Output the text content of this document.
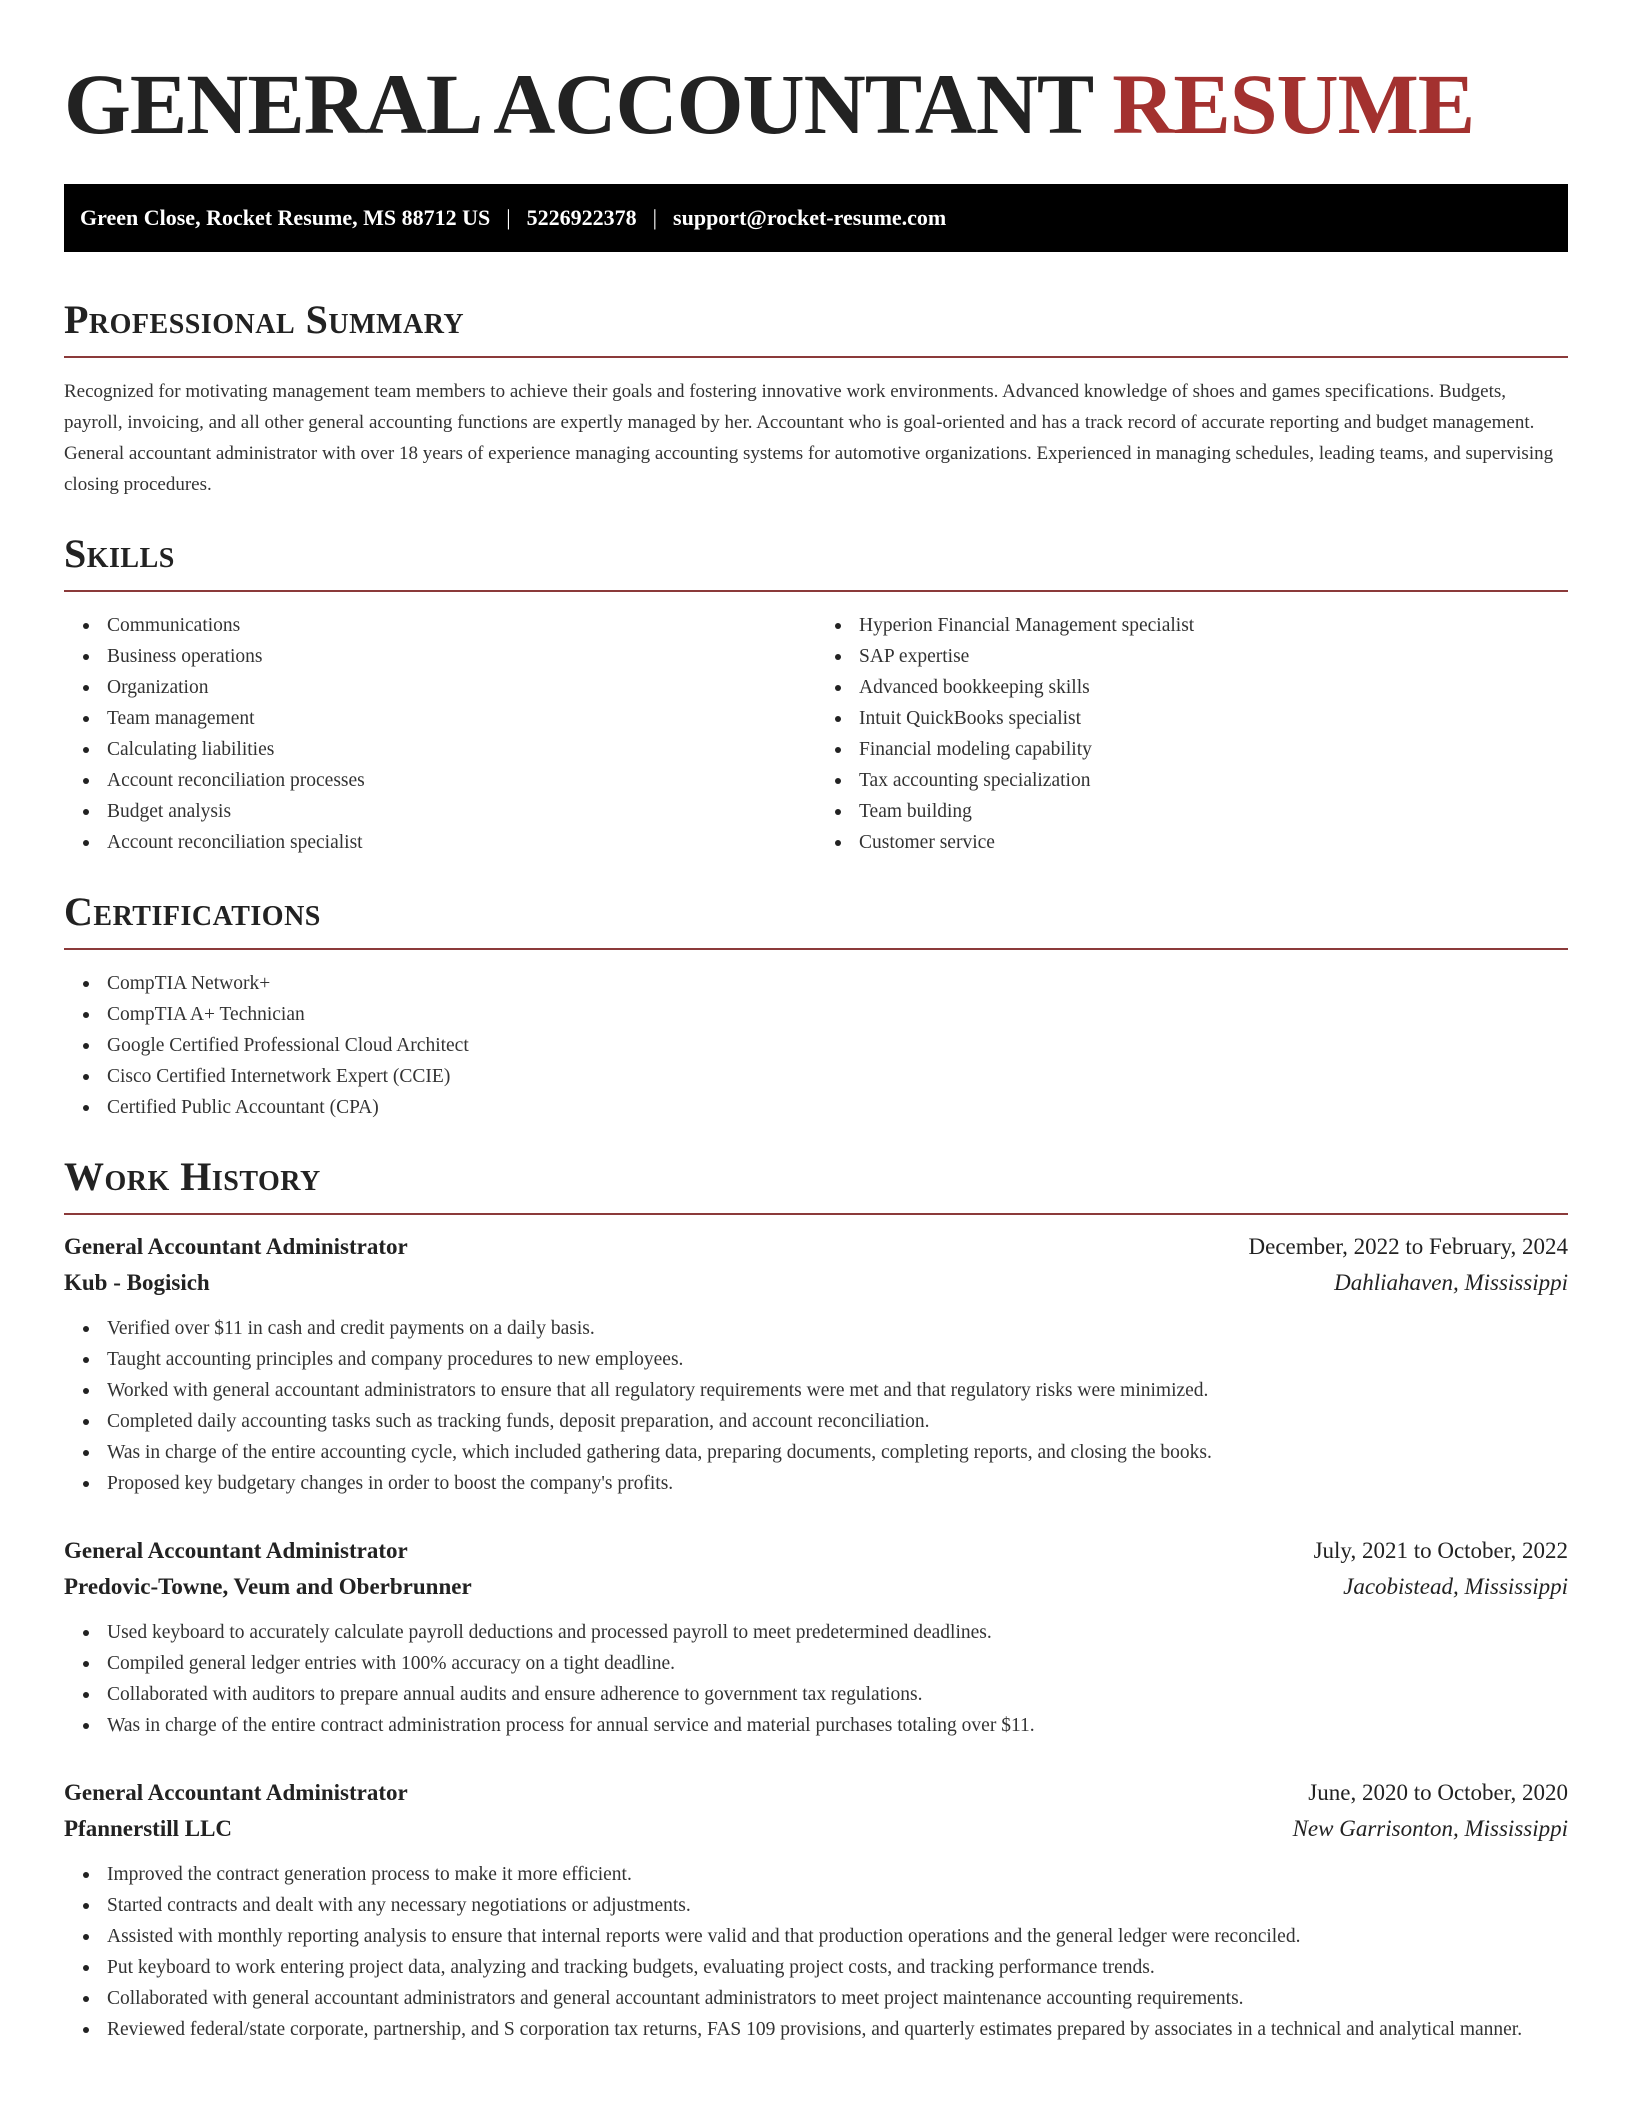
GENERAL ACCOUNTANT RESUME
Green Close, Rocket Resume, MS 88712 US | 5226922378 | support@rocket-resume.com
Professional Summary

Recognized for motivating management team members to achieve their goals and fostering innovative work environments. Advanced knowledge of shoes and games specifications. Budgets, payroll, invoicing, and all other general accounting functions are expertly managed by her. Accountant who is goal-oriented and has a track record of accurate reporting and budget management. General accountant administrator with over 18 years of experience managing accounting systems for automotive organizations. Experienced in managing schedules, leading teams, and supervising closing procedures.

Skills
Communications
Business operations
Organization
Team management
Calculating liabilities
Account reconciliation processes
Budget analysis
Account reconciliation specialist
Hyperion Financial Management specialist
SAP expertise
Advanced bookkeeping skills
Intuit QuickBooks specialist
Financial modeling capability
Tax accounting specialization
Team building
Customer service
Certifications
CompTIA Network+
CompTIA A+ Technician
Google Certified Professional Cloud Architect
Cisco Certified Internetwork Expert (CCIE)
Certified Public Accountant (CPA)
Work History
General Accountant Administrator	December, 2022 to February, 2024
Kub - Bogisich	Dahliahaven, Mississippi
Verified over $11 in cash and credit payments on a daily basis.
Taught accounting principles and company procedures to new employees.
Worked with general accountant administrators to ensure that all regulatory requirements were met and that regulatory risks were minimized.
Completed daily accounting tasks such as tracking funds, deposit preparation, and account reconciliation.
Was in charge of the entire accounting cycle, which included gathering data, preparing documents, completing reports, and closing the books.
Proposed key budgetary changes in order to boost the company's profits.
General Accountant Administrator	July, 2021 to October, 2022
Predovic-Towne, Veum and Oberbrunner	Jacobistead, Mississippi
Used keyboard to accurately calculate payroll deductions and processed payroll to meet predetermined deadlines.
Compiled general ledger entries with 100% accuracy on a tight deadline.
Collaborated with auditors to prepare annual audits and ensure adherence to government tax regulations.
Was in charge of the entire contract administration process for annual service and material purchases totaling over $11.
General Accountant Administrator	June, 2020 to October, 2020
Pfannerstill LLC	New Garrisonton, Mississippi
Improved the contract generation process to make it more efficient.
Started contracts and dealt with any necessary negotiations or adjustments.
Assisted with monthly reporting analysis to ensure that internal reports were valid and that production operations and the general ledger were reconciled.
Put keyboard to work entering project data, analyzing and tracking budgets, evaluating project costs, and tracking performance trends.
Collaborated with general accountant administrators and general accountant administrators to meet project maintenance accounting requirements.
Reviewed federal/state corporate, partnership, and S corporation tax returns, FAS 109 provisions, and quarterly estimates prepared by associates in a technical and analytical manner.
